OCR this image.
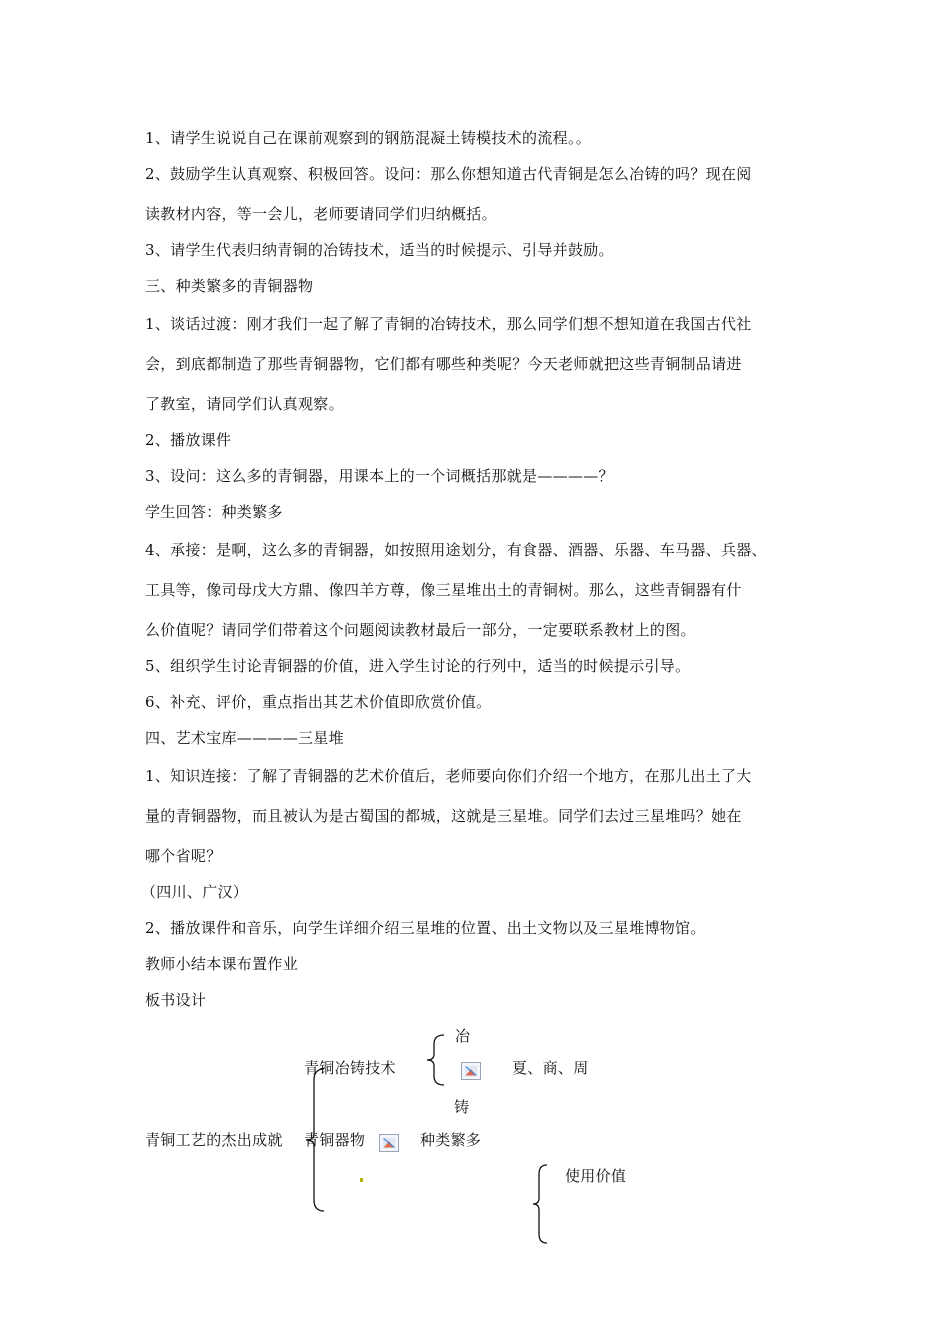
1、请学生说说自己在课前观察到的钢筋混凝土铸模技术的流程。。

2、鼓励学生认真观察、积极回答。设问：那么你想知道古代青铜是怎么冶铸的吗？现在阅

读教材内容，等一会儿，老师要请同学们归纳概括。

3、请学生代表归纳青铜的冶铸技术，适当的时候提示、引导并鼓励。

三、种类繁多的青铜器物

1、谈话过渡：刚才我们一起了解了青铜的冶铸技术，那么同学们想不想知道在我国古代社

会，到底都制造了那些青铜器物，它们都有哪些种类呢？今天老师就把这些青铜制品请进

了教室，请同学们认真观察。

2、播放课件

3、设问：这么多的青铜器，用课本上的一个词概括那就是————？

学生回答：种类繁多

4、承接：是啊，这么多的青铜器，如按照用途划分，有食器、酒器、乐器、车马器、兵器、

工具等，像司母戊大方鼎、像四羊方尊，像三星堆出土的青铜树。那么，这些青铜器有什

么价值呢？请同学们带着这个问题阅读教材最后一部分，一定要联系教材上的图。

5、组织学生讨论青铜器的价值，进入学生讨论的行列中，适当的时候提示引导。

6、补充、评价，重点指出其艺术价值即欣赏价值。

四、艺术宝库————三星堆

1、知识连接：了解了青铜器的艺术价值后，老师要向你们介绍一个地方，在那儿出土了大

量的青铜器物，而且被认为是古蜀国的都城，这就是三星堆。同学们去过三星堆吗？她在

哪个省呢？

（四川、广汉）

2、播放课件和音乐，向学生详细介绍三星堆的位置、出土文物以及三星堆博物馆。

教师小结本课布置作业

板书设计

冶
青铜冶铸技术	夏、商、周
铸
青铜工艺的杰出成就 青铜器物	种类繁多
使用价值
